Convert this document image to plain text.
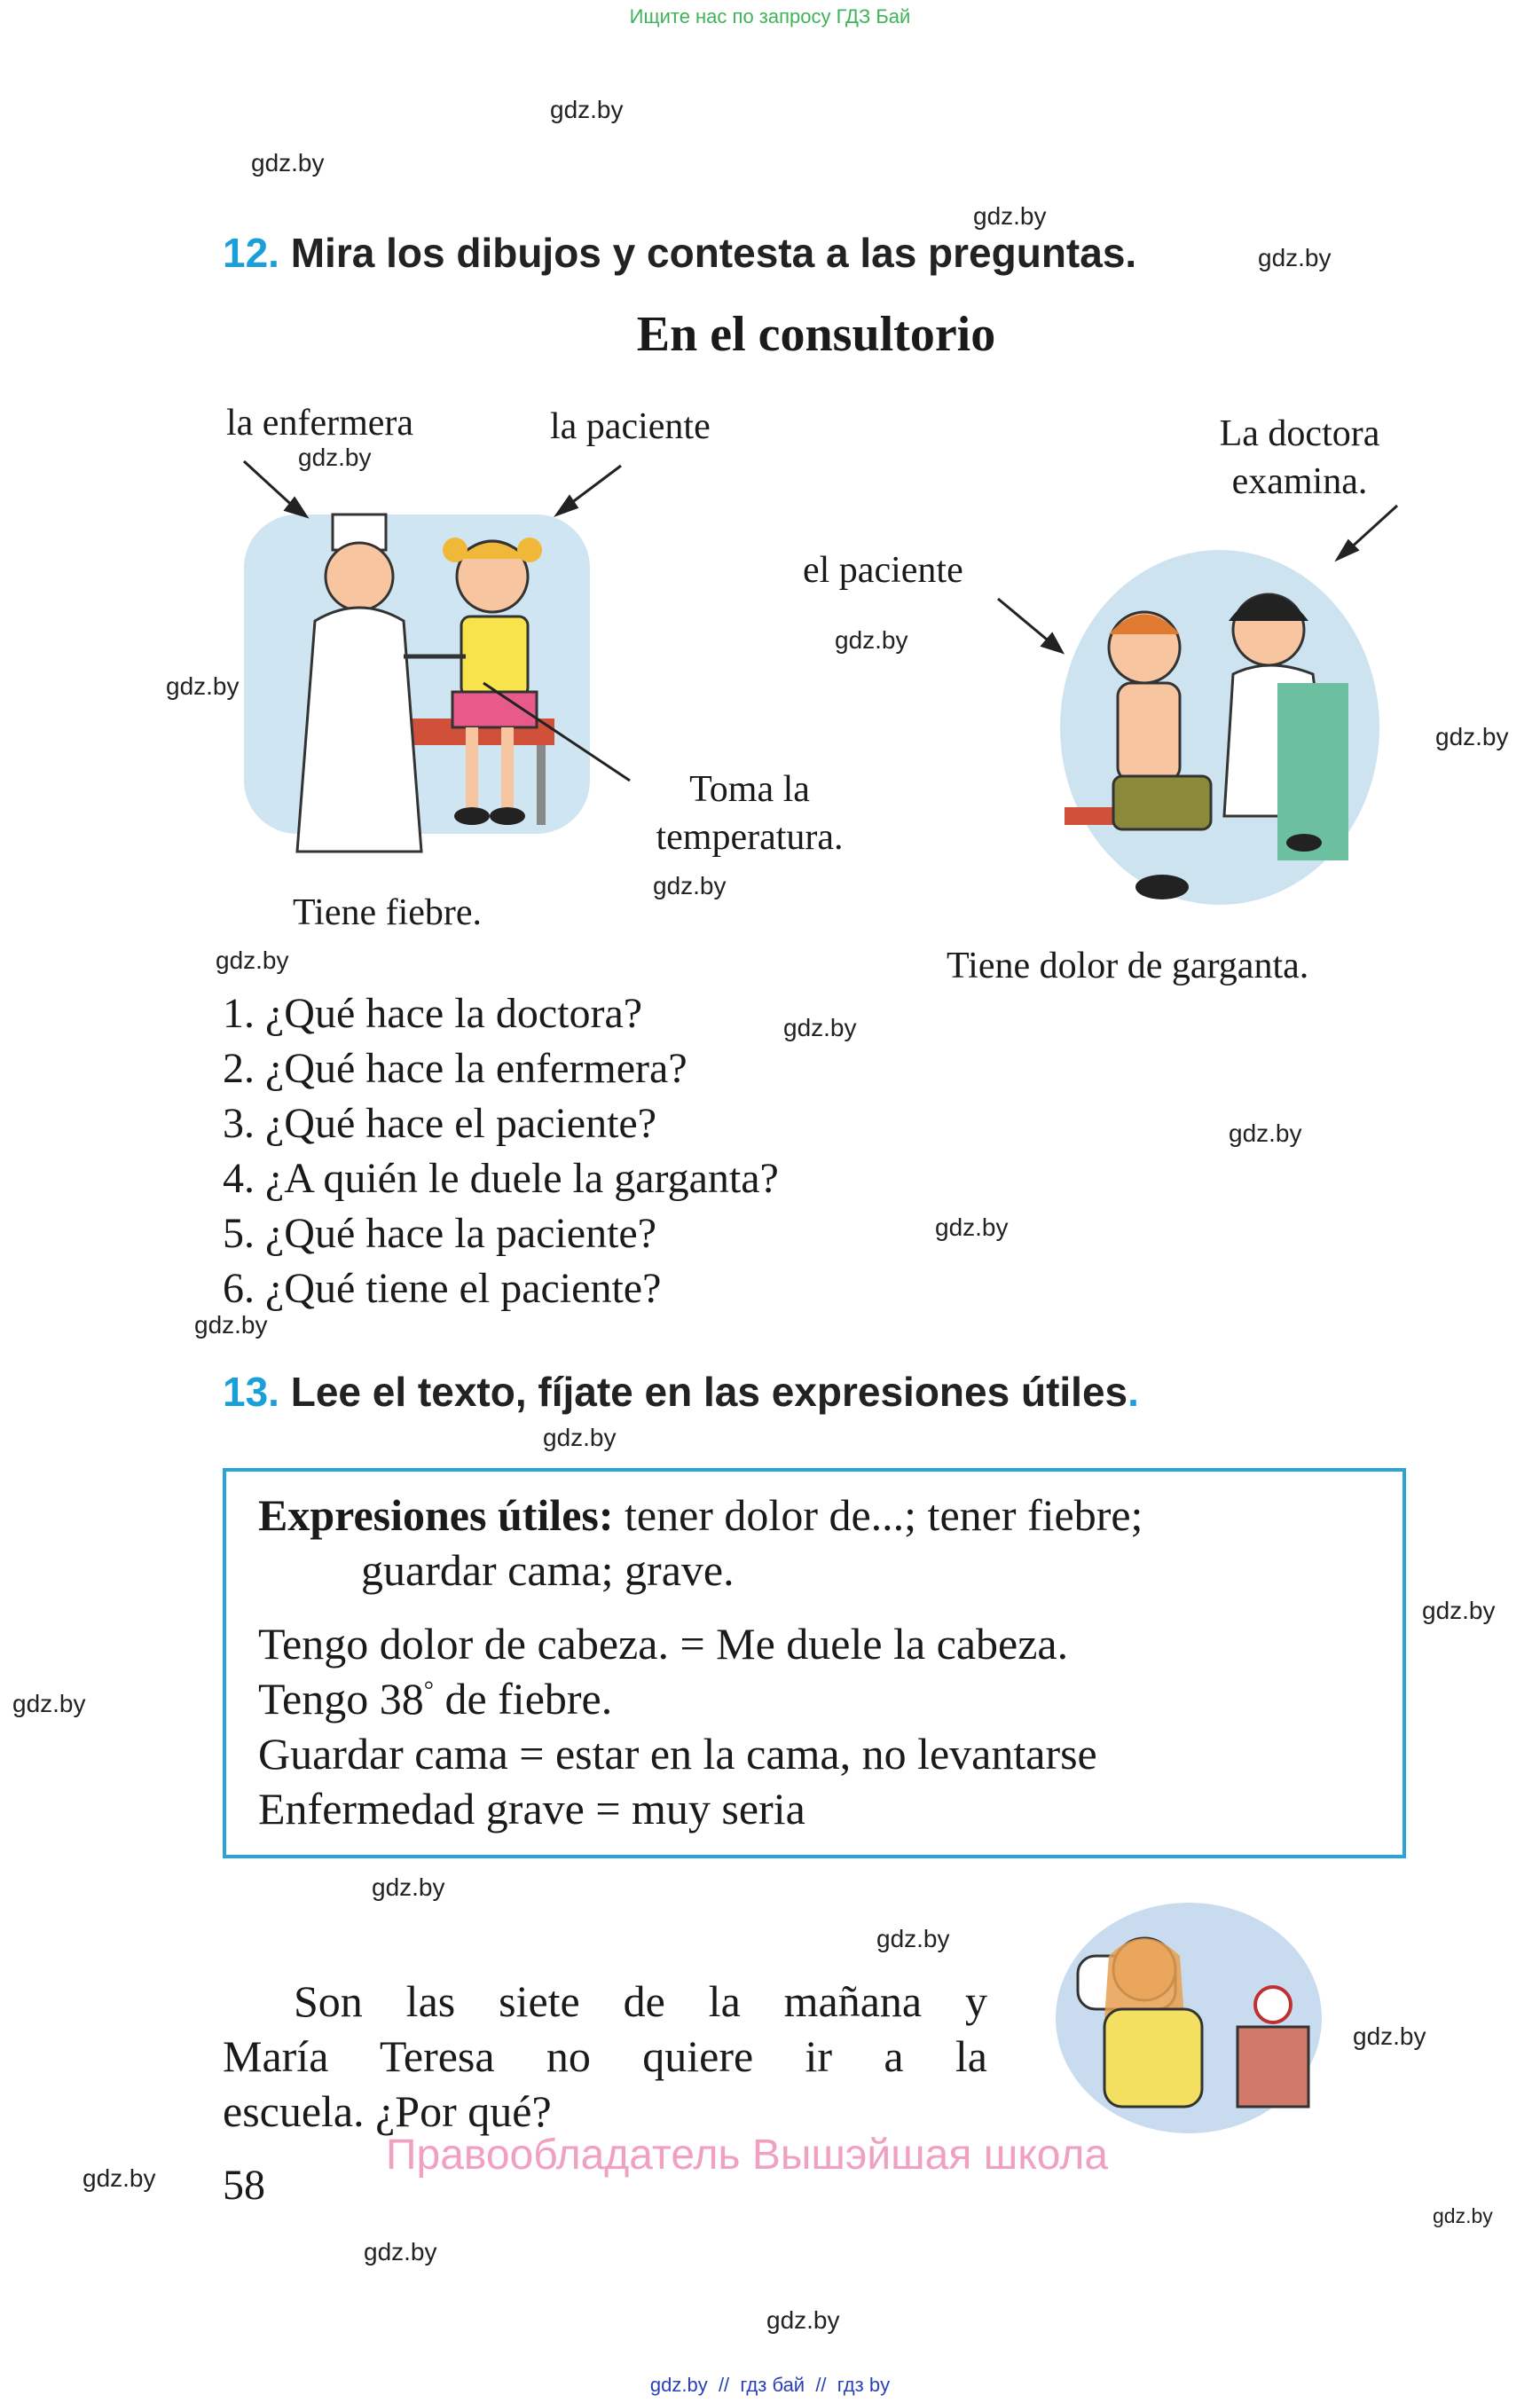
Ищите нас по запросу ГДЗ Бай
gdz.by
gdz.by
gdz.by
gdz.by
gdz.by
gdz.by
gdz.by
gdz.by
gdz.by
gdz.by
gdz.by
gdz.by
gdz.by
gdz.by
gdz.by
gdz.by
gdz.by
gdz.by
gdz.by
gdz.by
gdz.by
gdz.by
gdz.by
gdz.by
12. Mira los dibujos y contesta a las preguntas.
En el consultorio
la enfermera	la paciente	La doctora
examina.
el paciente
Toma la
temperatura.
Tiene fiebre.
Tiene dolor de garganta.
1. ¿Qué hace la doctora?
2. ¿Qué hace la enfermera?
3. ¿Qué hace el paciente?
4. ¿A quién le duele la garganta?
5. ¿Qué hace la paciente?
6. ¿Qué tiene el paciente?
13. Lee el texto, fíjate en las expresiones útiles.
Expresiones útiles: tener dolor de...; tener fiebre;
guardar cama; grave.
Tengo dolor de cabeza. = Me duele la cabeza.
Tengo 38° de fiebre.
Guardar cama = estar en la cama, no levantarse
Enfermedad grave = muy seria
Son las siete de la mañana y
María Teresa no quiere ir a la
escuela. ¿Por qué?
58
Правообладатель Вышэйшая школа
gdz.by  //  гдз бай  //  гдз by
